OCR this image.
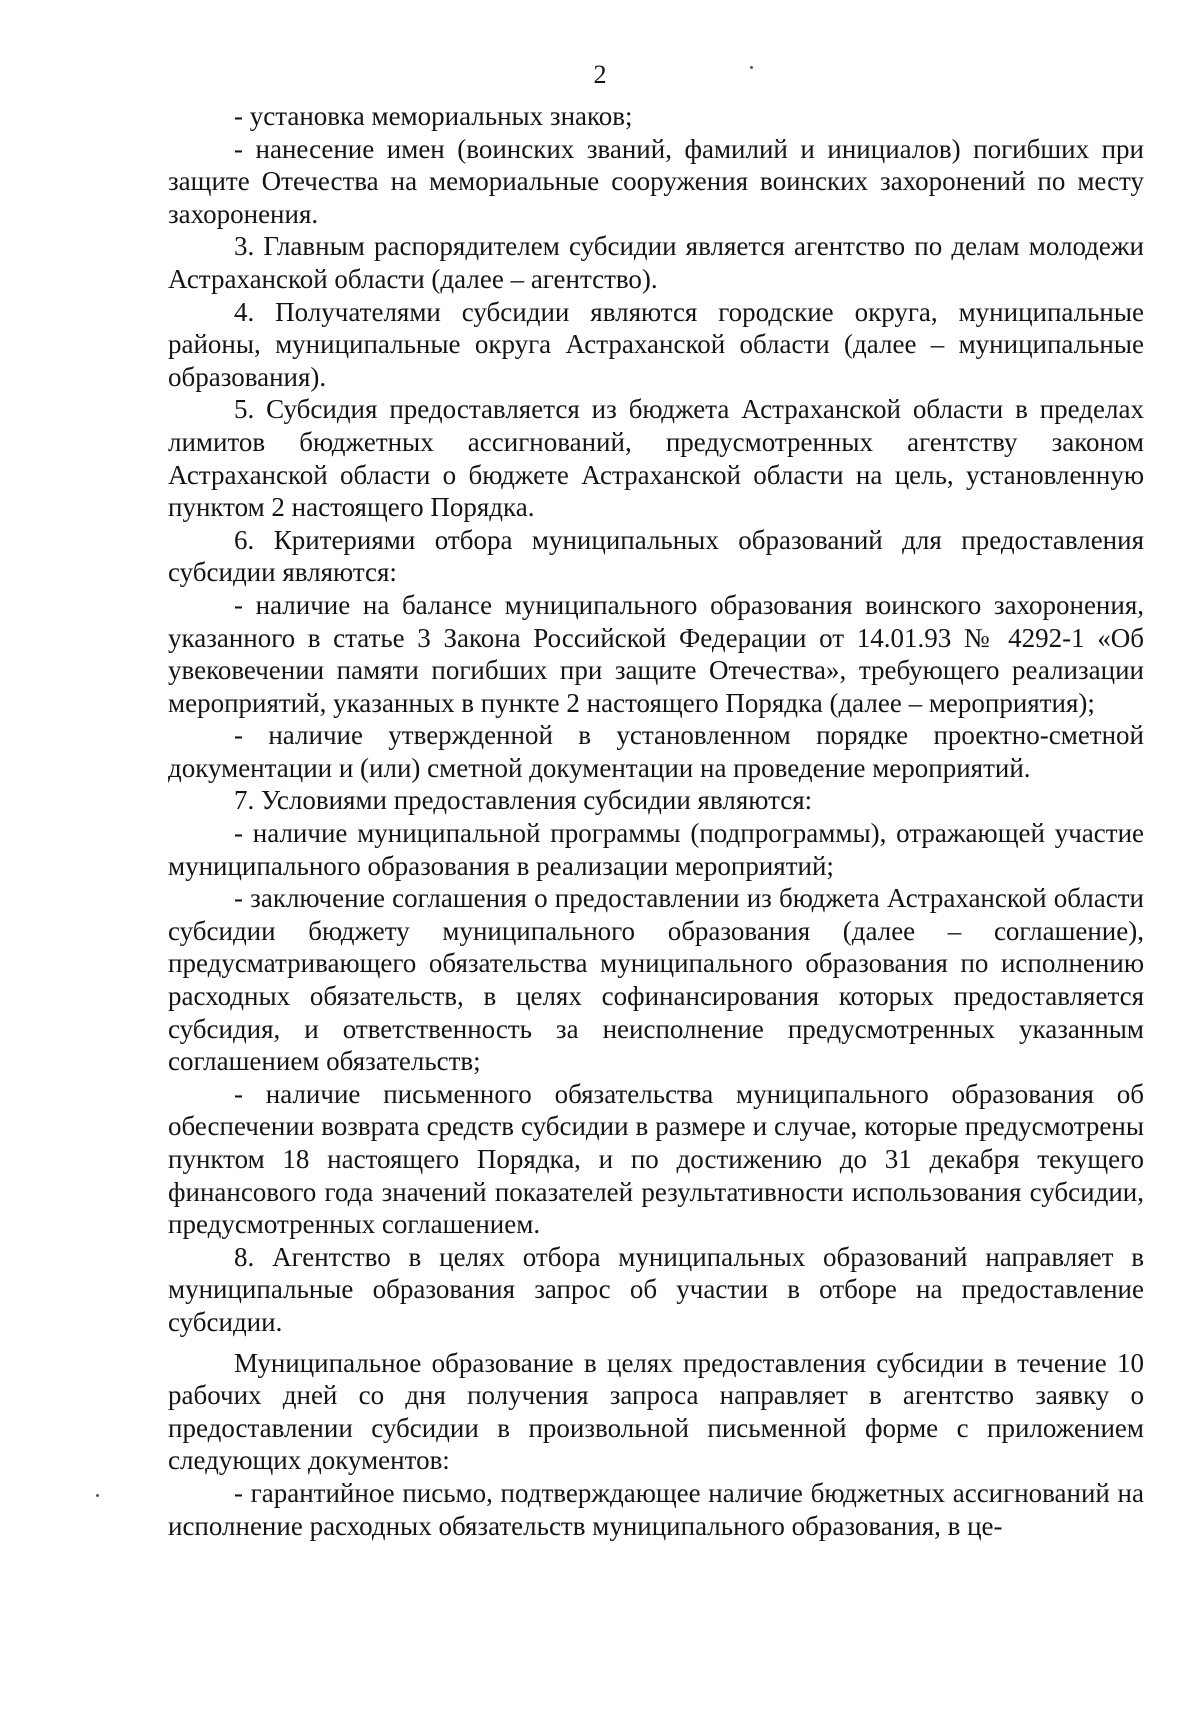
2

- установка мемориальных знаков;

- нанесение имен (воинских званий, фамилий и инициалов) погибших при защите Отечества на мемориальные сооружения воинских захоронений по месту захоронения.

3. Главным распорядителем субсидии является агентство по делам молодежи Астраханской области (далее – агентство).

4. Получателями субсидии являются городские округа, муниципальные районы, муниципальные округа Астраханской области (далее – муниципальные образования).

5. Субсидия предоставляется из бюджета Астраханской области в пределах лимитов бюджетных ассигнований, предусмотренных агентству законом Астраханской области о бюджете Астраханской области на цель, установленную пунктом 2 настоящего Порядка.

6. Критериями отбора муниципальных образований для предоставления субсидии являются:

- наличие на балансе муниципального образования воинского захоронения, указанного в статье 3 Закона Российской Федерации от 14.01.93 № 4292-1 «Об увековечении памяти погибших при защите Отечества», требующего реализации мероприятий, указанных в пункте 2 настоящего Порядка (далее – мероприятия);

- наличие утвержденной в установленном порядке проектно-сметной документации и (или) сметной документации на проведение мероприятий.

7. Условиями предоставления субсидии являются:

- наличие муниципальной программы (подпрограммы), отражающей участие муниципального образования в реализации мероприятий;

- заключение соглашения о предоставлении из бюджета Астраханской области субсидии бюджету муниципального образования (далее – соглашение), предусматривающего обязательства муниципального образования по исполнению расходных обязательств, в целях софинансирования которых предоставляется субсидия, и ответственность за неисполнение предусмотренных указанным соглашением обязательств;

- наличие письменного обязательства муниципального образования об обеспечении возврата средств субсидии в размере и случае, которые предусмотрены пунктом 18 настоящего Порядка, и по достижению до 31 декабря текущего финансового года значений показателей результативности использования субсидии, предусмотренных соглашением.

8. Агентство в целях отбора муниципальных образований направляет в муниципальные образования запрос об участии в отборе на предоставление субсидии.

Муниципальное образование в целях предоставления субсидии в течение 10 рабочих дней со дня получения запроса направляет в агентство заявку о предоставлении субсидии в произвольной письменной форме с приложением следующих документов:

- гарантийное письмо, подтверждающее наличие бюджетных ассигнований на исполнение расходных обязательств муниципального образования, в це-
